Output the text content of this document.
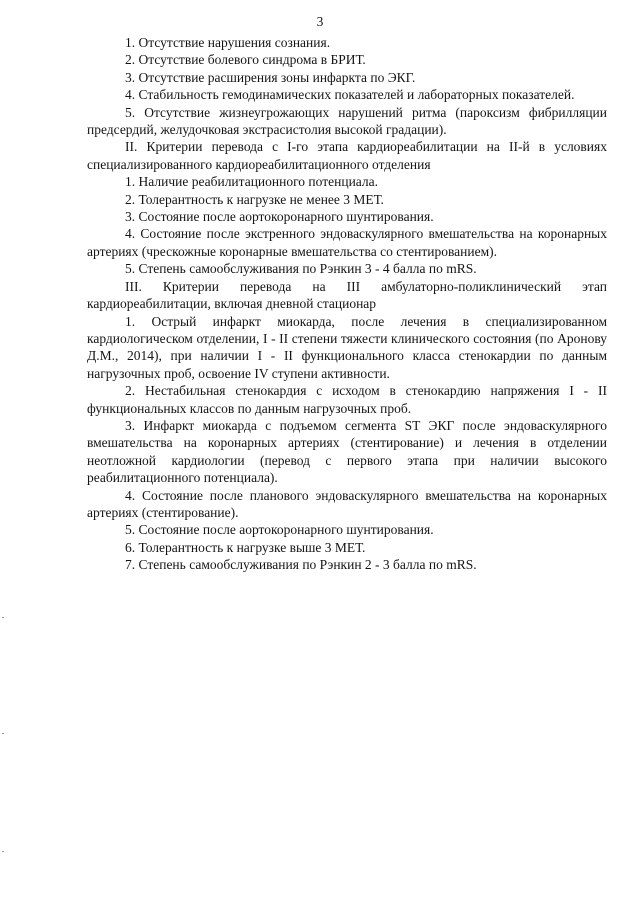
3

1. Отсутствие нарушения сознания.

2. Отсутствие болевого синдрома в БРИТ.

3. Отсутствие расширения зоны инфаркта по ЭКГ.

4. Стабильность гемодинамических показателей и лабораторных показателей.

5. Отсутствие жизнеугрожающих нарушений ритма (пароксизм фибрилляции предсердий, желудочковая экстрасистолия высокой градации).

II. Критерии перевода с I-го этапа кардиореабилитации на II-й в условиях специализированного кардиореабилитационного отделения

1. Наличие реабилитационного потенциала.

2. Толерантность к нагрузке не менее 3 МЕТ.

3. Состояние после аортокоронарного шунтирования.

4. Состояние после экстренного эндоваскулярного вмешательства на коронарных артериях (чрескожные коронарные вмешательства со стентированием).

5. Степень самообслуживания по Рэнкин 3 - 4 балла по mRS.

III. Критерии перевода на III амбулаторно-поликлинический этап кардиореабилитации, включая дневной стационар

1. Острый инфаркт миокарда, после лечения в специализированном кардиологическом отделении, I - II степени тяжести клинического состояния (по Аронову Д.М., 2014), при наличии I - II функционального класса стенокардии по данным нагрузочных проб, освоение IV ступени активности.

2. Нестабильная стенокардия с исходом в стенокардию напряжения I - II функциональных классов по данным нагрузочных проб.

3. Инфаркт миокарда с подъемом сегмента ST ЭКГ после эндоваскулярного вмешательства на коронарных артериях (стентирование) и лечения в отделении неотложной кардиологии (перевод с первого этапа при наличии высокого реабилитационного потенциала).

4. Состояние после планового эндоваскулярного вмешательства на коронарных артериях (стентирование).

5. Состояние после аортокоронарного шунтирования.

6. Толерантность к нагрузке выше 3 МЕТ.

7. Степень самообслуживания по Рэнкин 2 - 3 балла по mRS.
